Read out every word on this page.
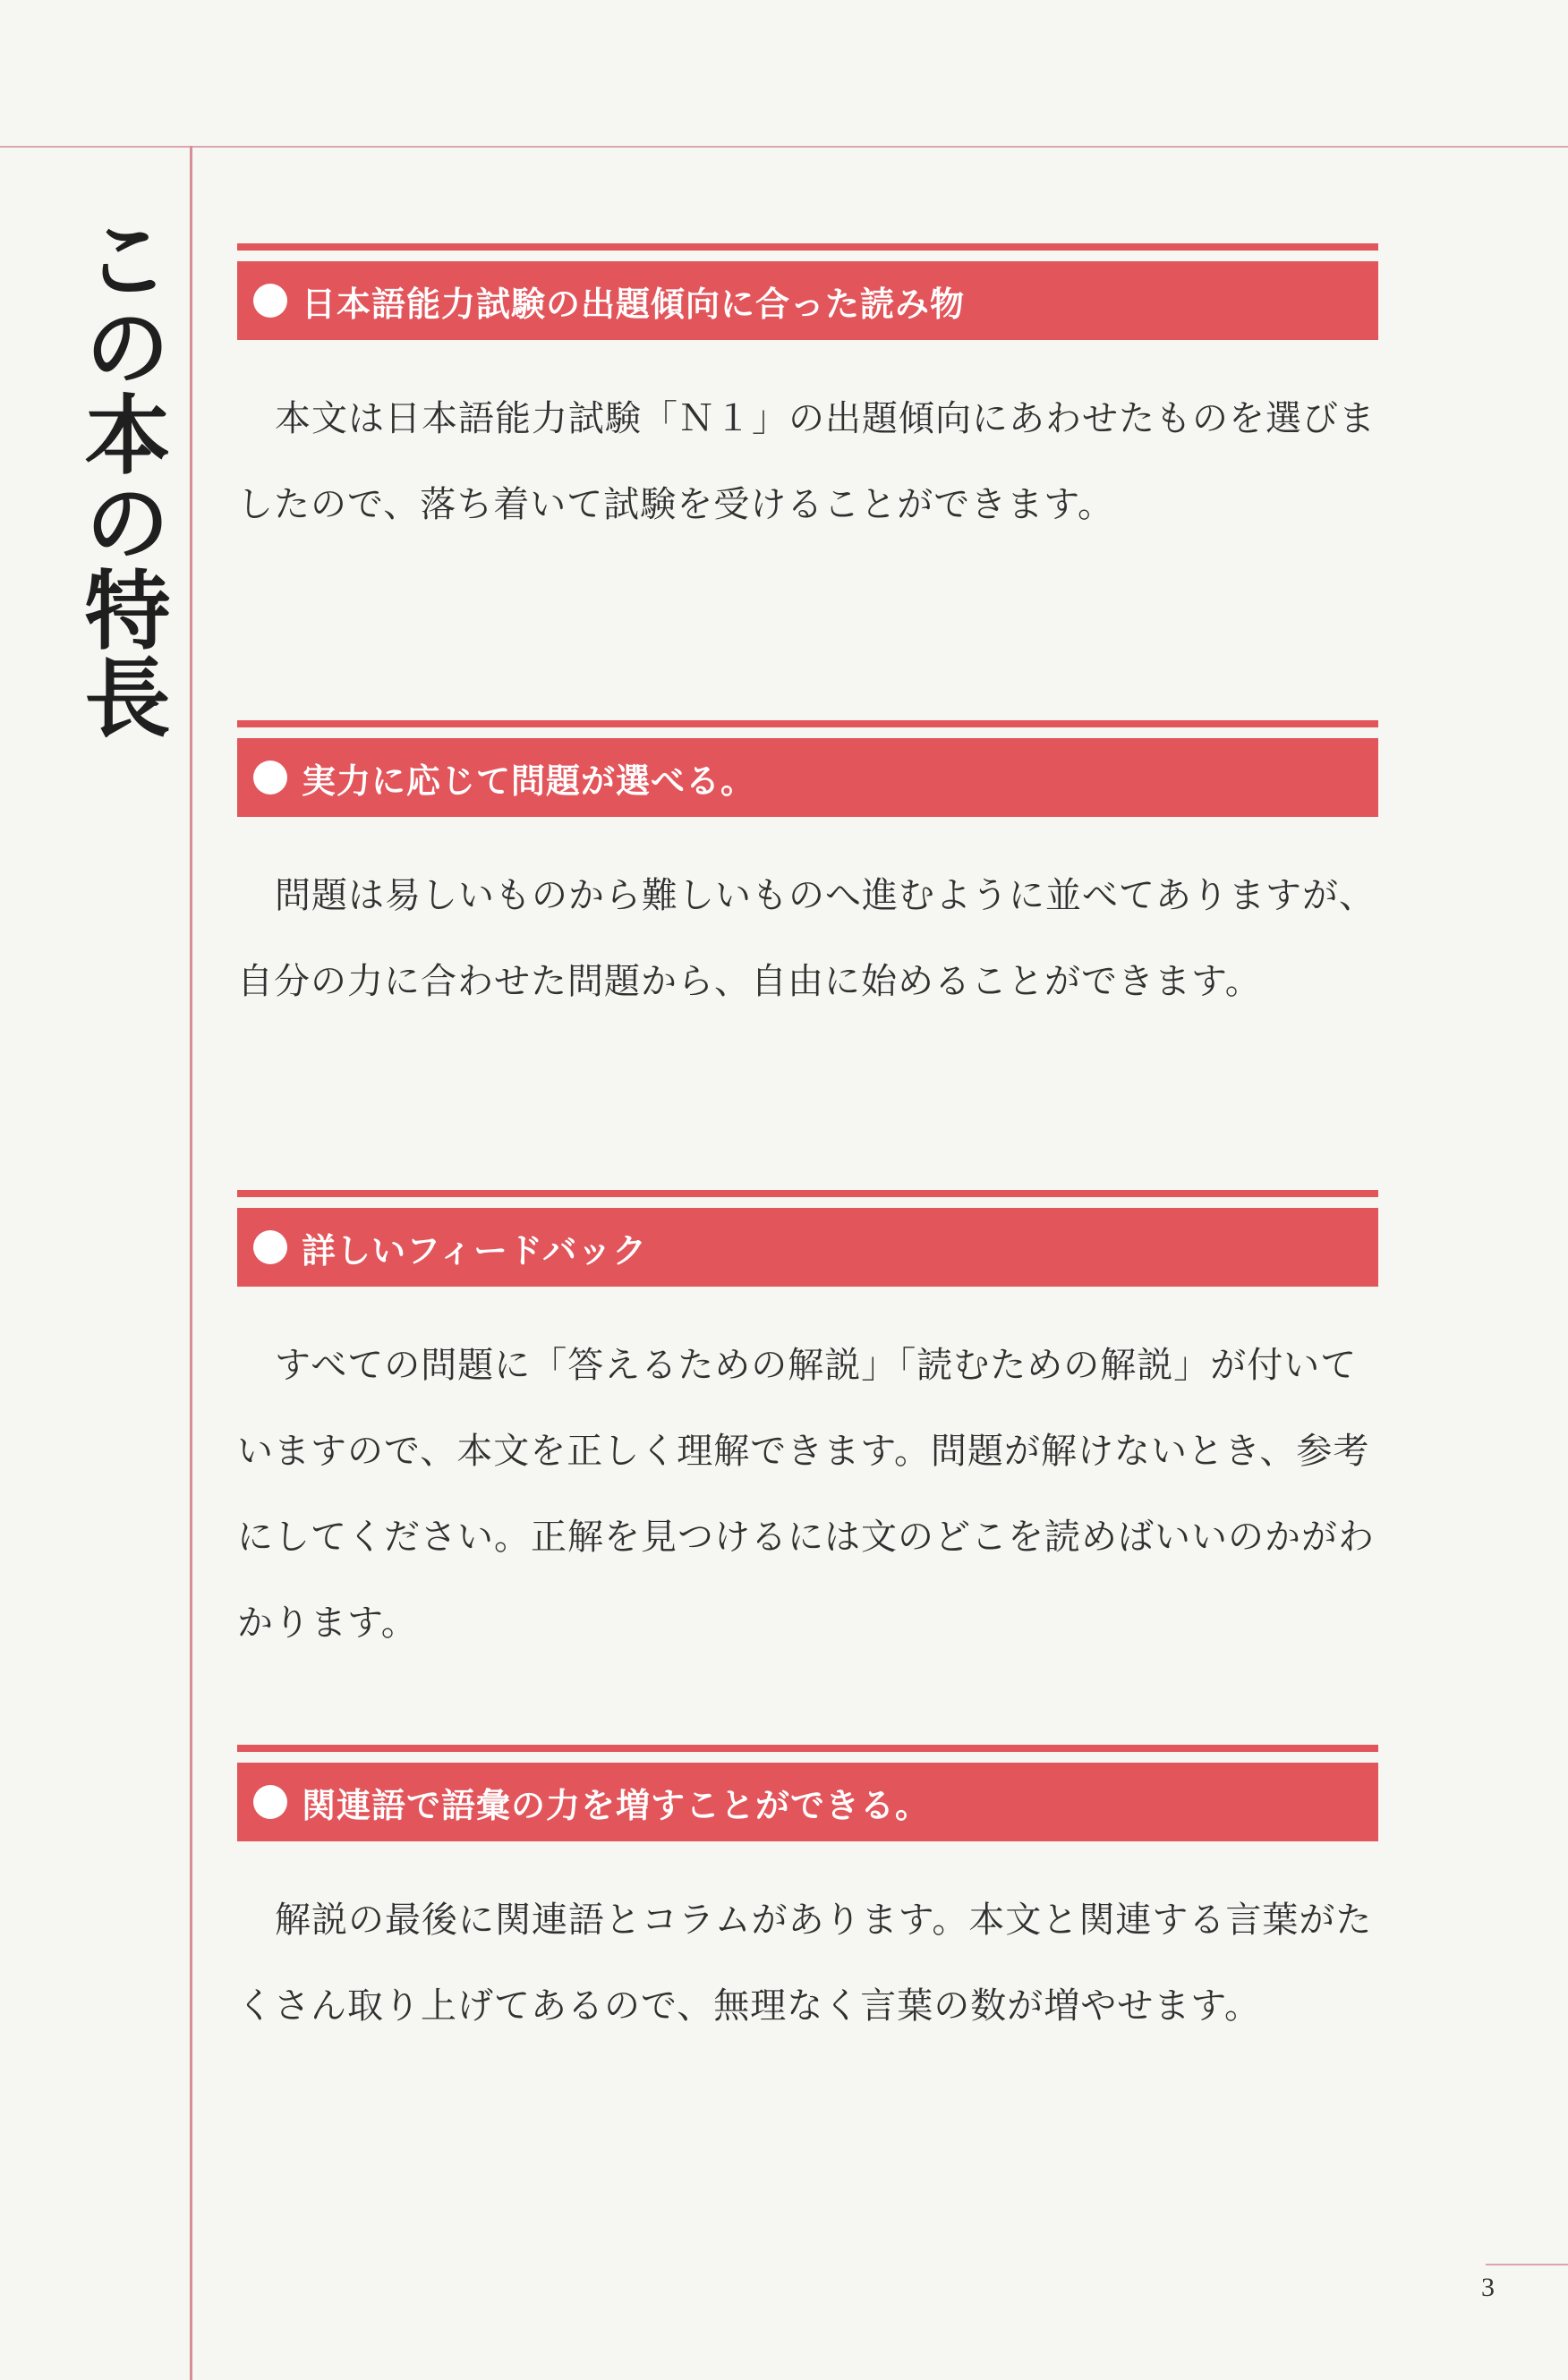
この本の特長	日本語能力試験の出題傾向に合った読み物

本文は日本語能力試験「Ｎ１」の出題傾向にあわせたものを選びましたので、落ち着いて試験を受けることができます。

実力に応じて問題が選べる。

問題は易しいものから難しいものへ進むように並べてありますが、自分の力に合わせた問題から、自由に始めることができます。

詳しいフィードバック

すべての問題に「答えるための解説」「読むための解説」が付いていますので、本文を正しく理解できます。問題が解けないとき、参考にしてください。正解を見つけるには文のどこを読めばいいのかがわかります。

関連語で語彙の力を増すことができる。

解説の最後に関連語とコラムがあります。本文と関連する言葉がたくさん取り上げてあるので、無理なく言葉の数が増やせます。

3
